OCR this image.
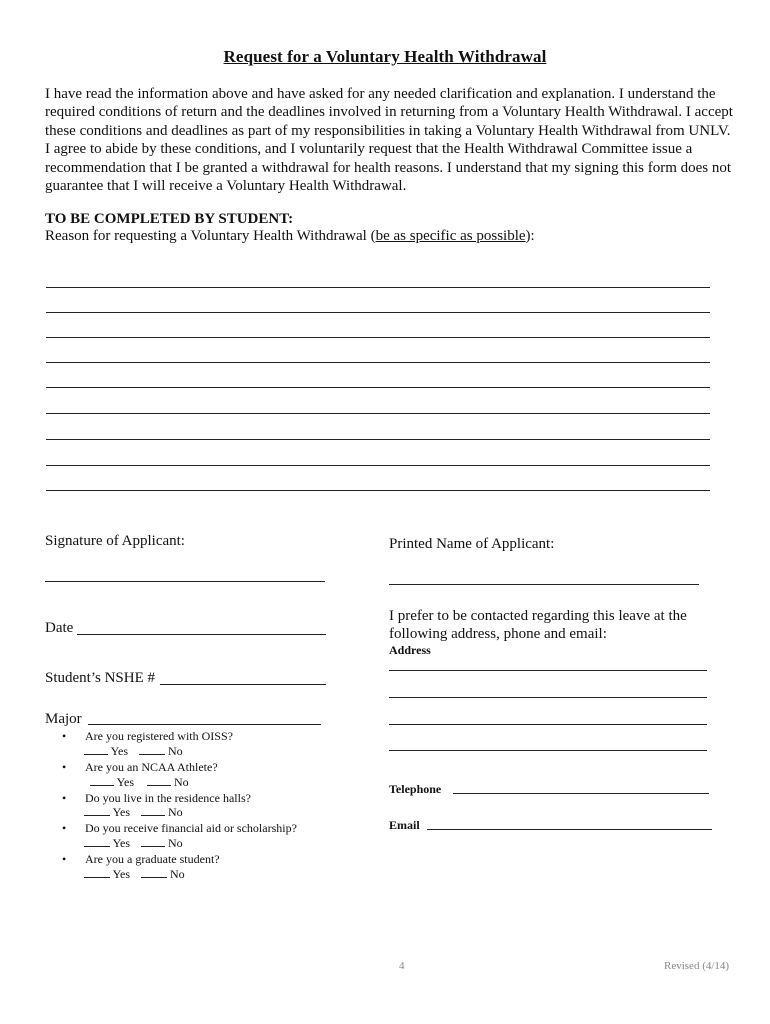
Request for a Voluntary Health Withdrawal

I have read the information above and have asked for any needed clarification and explanation. I understand the required conditions of return and the deadlines involved in returning from a Voluntary Health Withdrawal. I accept these conditions and deadlines as part of my responsibilities in taking a Voluntary Health Withdrawal from UNLV. I agree to abide by these conditions, and I voluntarily request that the Health Withdrawal Committee issue a recommendation that I be granted a withdrawal for health reasons. I understand that my signing this form does not guarantee that I will receive a Voluntary Health Withdrawal.

TO BE COMPLETED BY STUDENT:
Reason for requesting a Voluntary Health Withdrawal (be as specific as possible):
Signature of Applicant:
Date
Student’s NSHE #
Major
• Are you registered with OISS?
Yes	No
• Are you an NCAA Athlete?
Yes	No
• Do you live in the residence halls?
Yes	No
• Do you receive financial aid or scholarship?
Yes	No
• Are you a graduate student?
Yes	No
Printed Name of Applicant:
I prefer to be contacted regarding this leave at the following address, phone and email:
Address
Telephone
Email
4	Revised (4/14)
